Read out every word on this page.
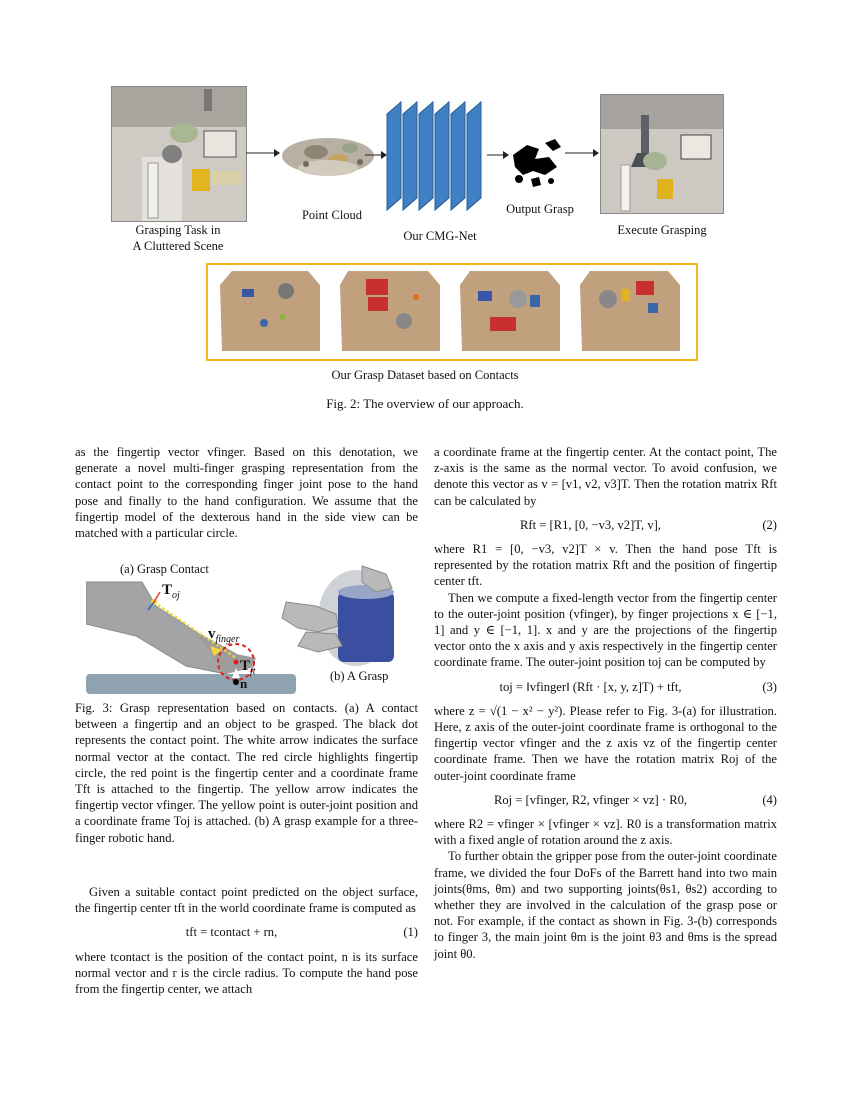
Grasping Task in
A Cluttered Scene
Point Cloud
Our CMG-Net
Output Grasp
Execute Grasping
Our Grasp Dataset based on Contacts
Fig. 2: The overview of our approach.

as the fingertip vector vfinger. Based on this denotation, we generate a novel multi-finger grasping representation from the contact point to the corresponding finger joint pose to the hand pose and finally to the hand configuration. We assume that the fingertip model of the dexterous hand in the side view can be matched with a particular circle.

(a) Grasp Contact
(b) A Grasp
$T_{oj}$
$v_{finger}$
$T_{ft}$
n

Fig. 3: Grasp representation based on contacts. (a) A contact between a fingertip and an object to be grasped. The black dot represents the contact point. The white arrow indicates the surface normal vector at the contact. The red circle highlights fingertip circle, the red point is the fingertip center and a coordinate frame Tft is attached to the fingertip. The yellow arrow indicates the fingertip vector vfinger. The yellow point is outer-joint position and a coordinate frame Toj is attached. (b) A grasp example for a three-finger robotic hand.

Given a suitable contact point predicted on the object surface, the fingertip center tft in the world coordinate frame is computed as

tft = tcontact + rn,	(1)

where tcontact is the position of the contact point, n is its surface normal vector and r is the circle radius. To compute the hand pose from the fingertip center, we attach

a coordinate frame at the fingertip center. At the contact point, The z-axis is the same as the normal vector. To avoid confusion, we denote this vector as v = [v1, v2, v3]T. Then the rotation matrix Rft can be calculated by

Rft = [R1, [0, −v3, v2]T, v],	(2)

where R1 = [0, −v3, v2]T × v. Then the hand pose Tft is represented by the rotation matrix Rft and the position of fingertip center tft.

Then we compute a fixed-length vector from the fingertip center to the outer-joint position (vfinger), by finger projections x ∈ [−1, 1] and y ∈ [−1, 1]. x and y are the projections of the fingertip vector onto the x axis and y axis respectively in the fingertip center coordinate frame. The outer-joint position toj can be computed by

toj = ‖vfinger‖ (Rft · [x, y, z]T) + tft,	(3)

where z = √(1 − x² − y²). Please refer to Fig. 3-(a) for illustration. Here, z axis of the outer-joint coordinate frame is orthogonal to the fingertip vector vfinger and the z axis vz of the fingertip center coordinate frame. Then we have the rotation matrix Roj of the outer-joint coordinate frame

Roj = [vfinger, R2, vfinger × vz] · R0,	(4)

where R2 = vfinger × [vfinger × vz]. R0 is a transformation matrix with a fixed angle of rotation around the z axis.

To further obtain the gripper pose from the outer-joint coordinate frame, we divided the four DoFs of the Barrett hand into two main joints(θms, θm) and two supporting joints(θs1, θs2) according to whether they are involved in the calculation of the grasp pose or not. For example, if the contact as shown in Fig. 3-(b) corresponds to finger 3, the main joint θm is the joint θ3 and θms is the spread joint θ0.
